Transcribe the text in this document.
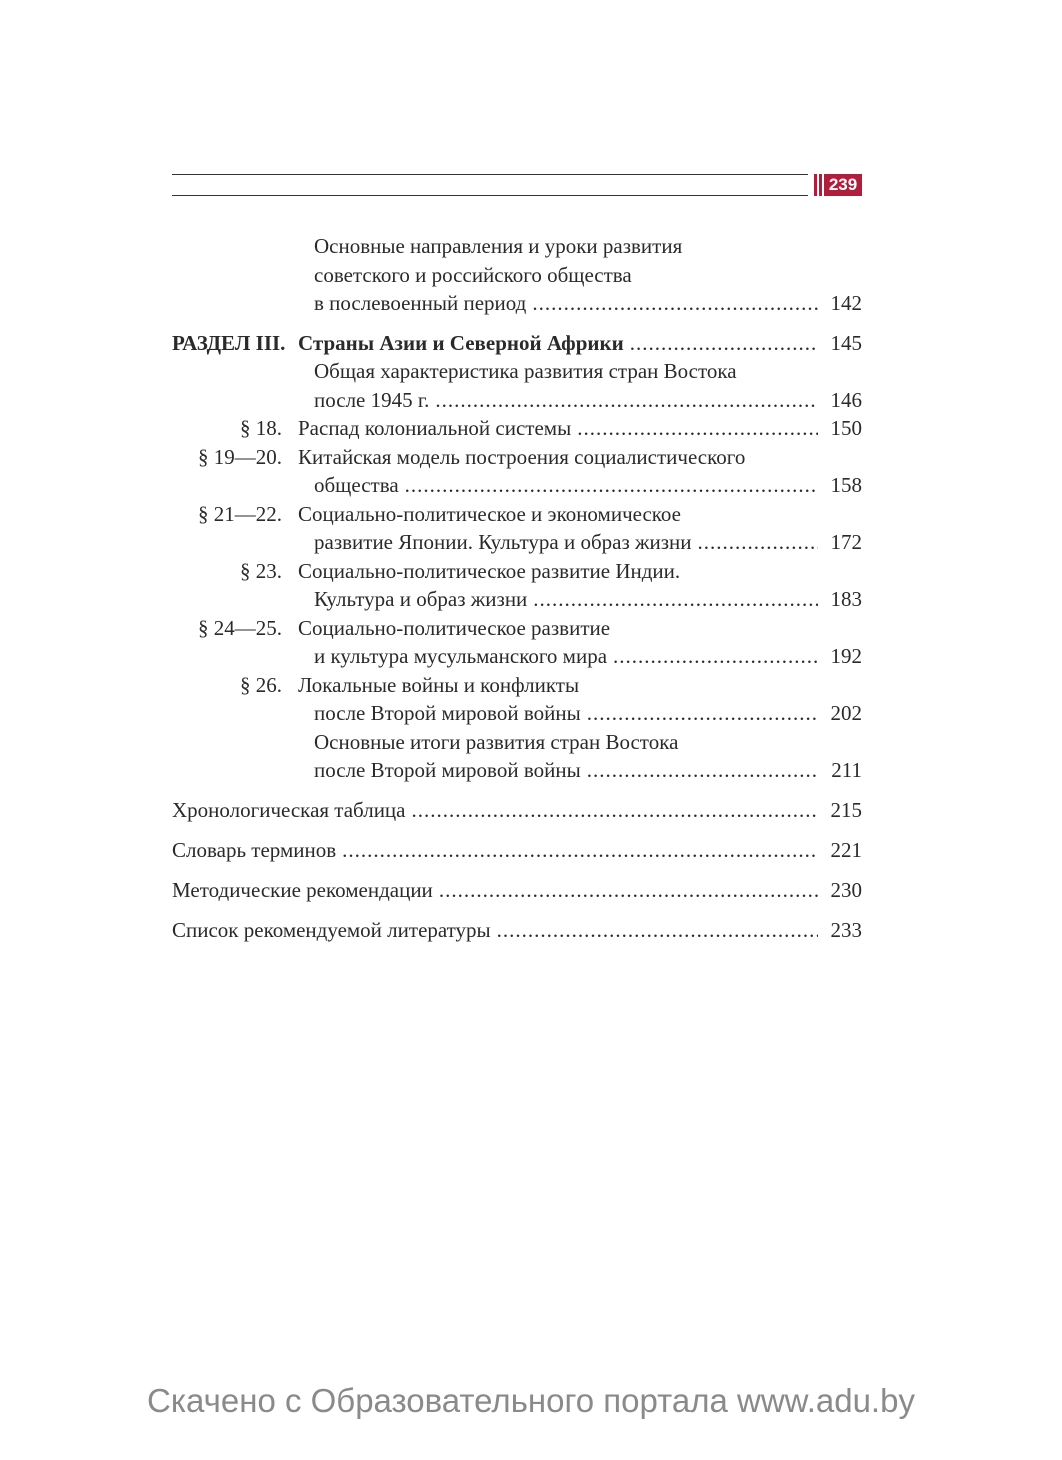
239
Основные направления и уроки развития
советского и российского общества
в послевоенный период .....	142
РАЗДЕЛ III. Страны Азии и Северной Африки .....	145
Общая характеристика развития стран Востока
после 1945 г. .....	146
§ 18. Распад колониальной системы .....	150
§ 19—20. Китайская модель построения социалистического
общества .....	158
§ 21—22. Социально-политическое и экономическое
развитие Японии. Культура и образ жизни .....	172
§ 23. Социально-политическое развитие Индии.
Культура и образ жизни .....	183
§ 24—25. Социально-политическое развитие
и культура мусульманского мира .....	192
§ 26. Локальные войны и конфликты
после Второй мировой войны .....	202
Основные итоги развития стран Востока
после Второй мировой войны .....	211
Хронологическая таблица .....	215
Словарь терминов .....	221
Методические рекомендации .....	230
Список рекомендуемой литературы .....	233
Скачено с Образовательного портала www.adu.by
